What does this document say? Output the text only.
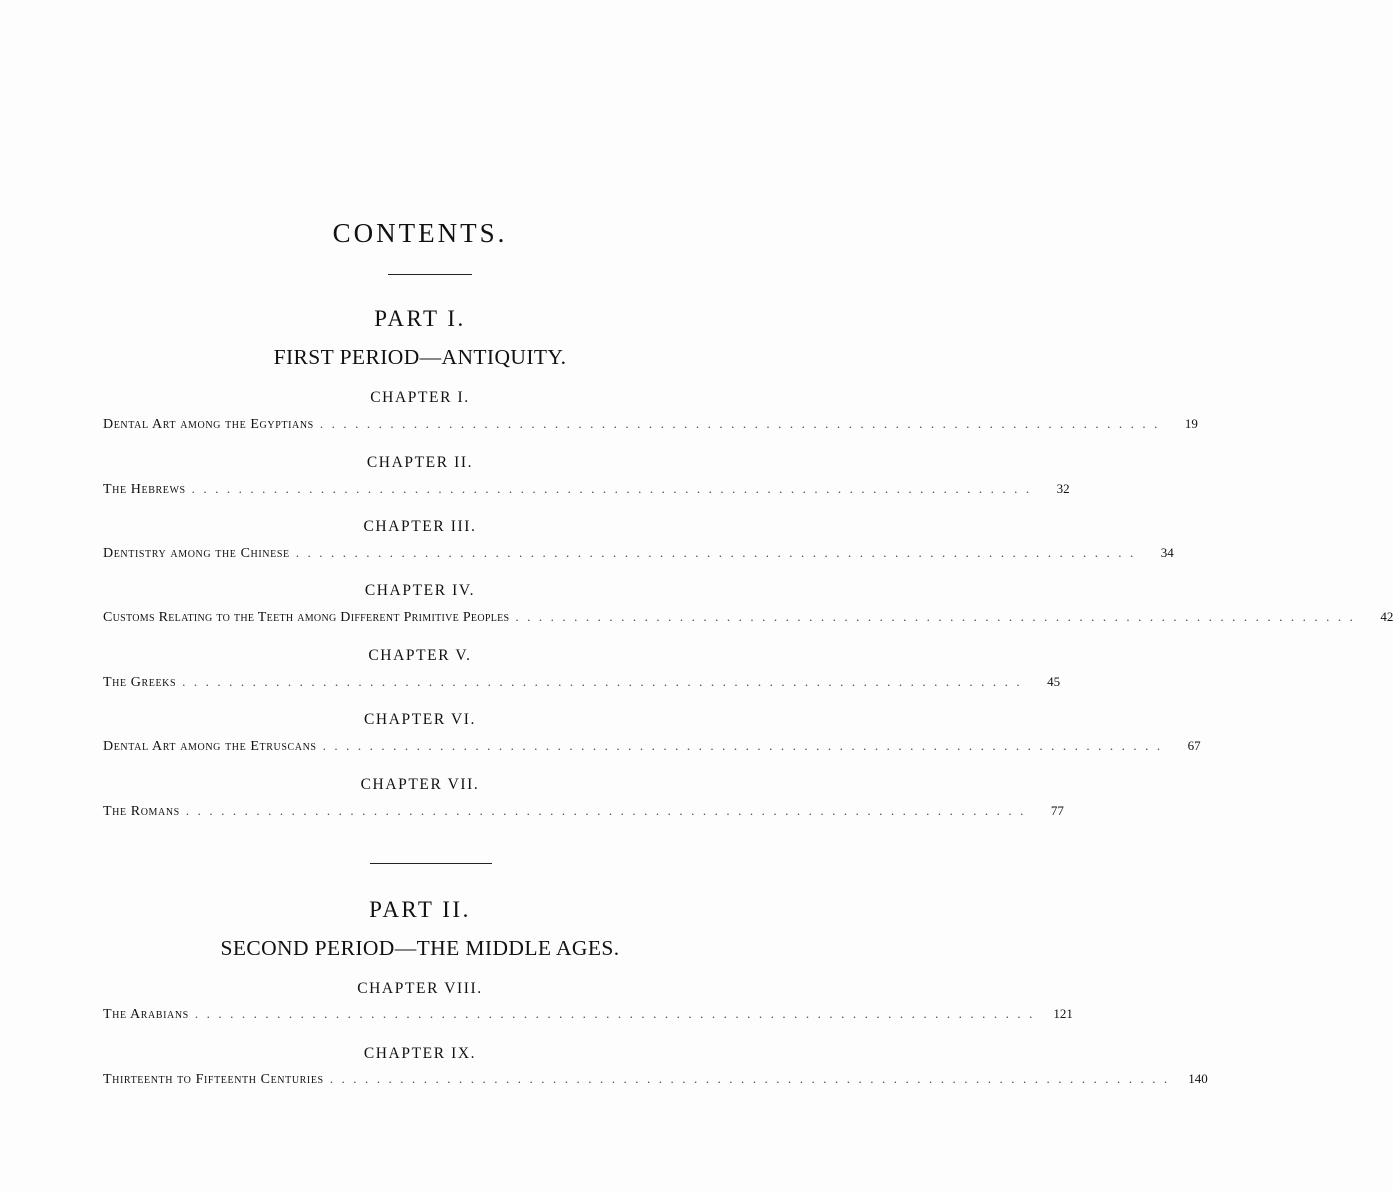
CONTENTS.
PART I.
FIRST PERIOD—ANTIQUITY.
CHAPTER I.
Dental Art among the Egyptians ........................................................................	19
CHAPTER II.
The Hebrews ........................................................................	32
CHAPTER III.
Dentistry among the Chinese ........................................................................	34
CHAPTER IV.
Customs Relating to the Teeth among Different Primitive Peoples ........................................................................	42
CHAPTER V.
The Greeks ........................................................................	45
CHAPTER VI.
Dental Art among the Etruscans ........................................................................	67
CHAPTER VII.
The Romans ........................................................................	77
PART II.
SECOND PERIOD—THE MIDDLE AGES.
CHAPTER VIII.
The Arabians ........................................................................ 121
CHAPTER IX.
Thirteenth to Fifteenth Centuries ........................................................................ 140
